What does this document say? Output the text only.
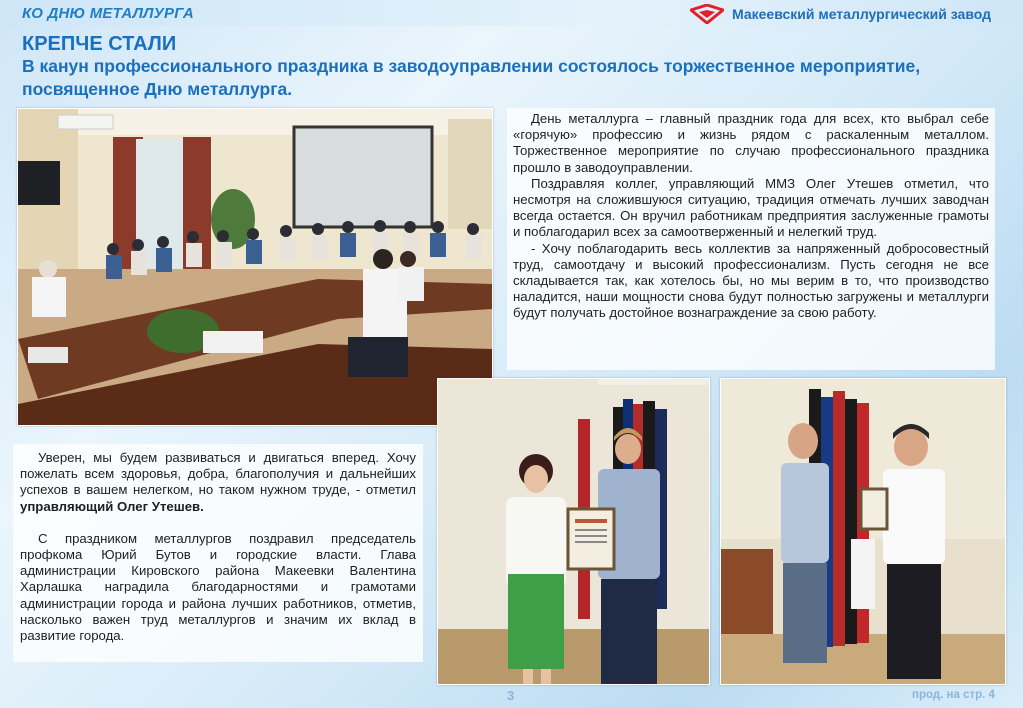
КО ДНЮ МЕТАЛЛУРГА	Макеевский металлургический завод
КРЕПЧЕ СТАЛИ
В канун профессионального праздника в заводоуправлении состоялось торжественное мероприятие, посвященное Дню металлурга.

День металлурга – главный праздник года для всех, кто выбрал себе «горячую» профессию и жизнь рядом с раскаленным металлом. Торжественное мероприятие по случаю профессионального праздника прошло в заводоуправлении.

Поздравляя коллег, управляющий ММЗ Олег Утешев отметил, что несмотря на сложившуюся ситуацию, традиция отмечать лучших заводчан всегда остается. Он вручил работникам предприятия заслуженные грамоты и поблагодарил всех за самоотверженный и нелегкий труд.

- Хочу поблагодарить весь коллектив за напряженный добросовестный труд, самоотдачу и высокий профессионализм. Пусть сегодня не все складывается так, как хотелось бы, но мы верим в то, что производство наладится, наши мощности снова будут полностью загружены и металлурги будут получать достойное вознаграждение за свою работу.

Уверен, мы будем развиваться и двигаться вперед. Хочу пожелать всем здоровья, добра, благополучия и дальнейших успехов в вашем нелегком, но таком нужном труде, - отметил управляющий Олег Утешев.

С праздником металлургов поздравил председатель профкома Юрий Бутов и городские власти. Глава администрации Кировского района Макеевки Валентина Харлашка наградила благодарностями и грамотами администрации города и района лучших работников, отметив, насколько важен труд металлургов и значим их вклад в развитие города.

3	прод. на стр. 4
